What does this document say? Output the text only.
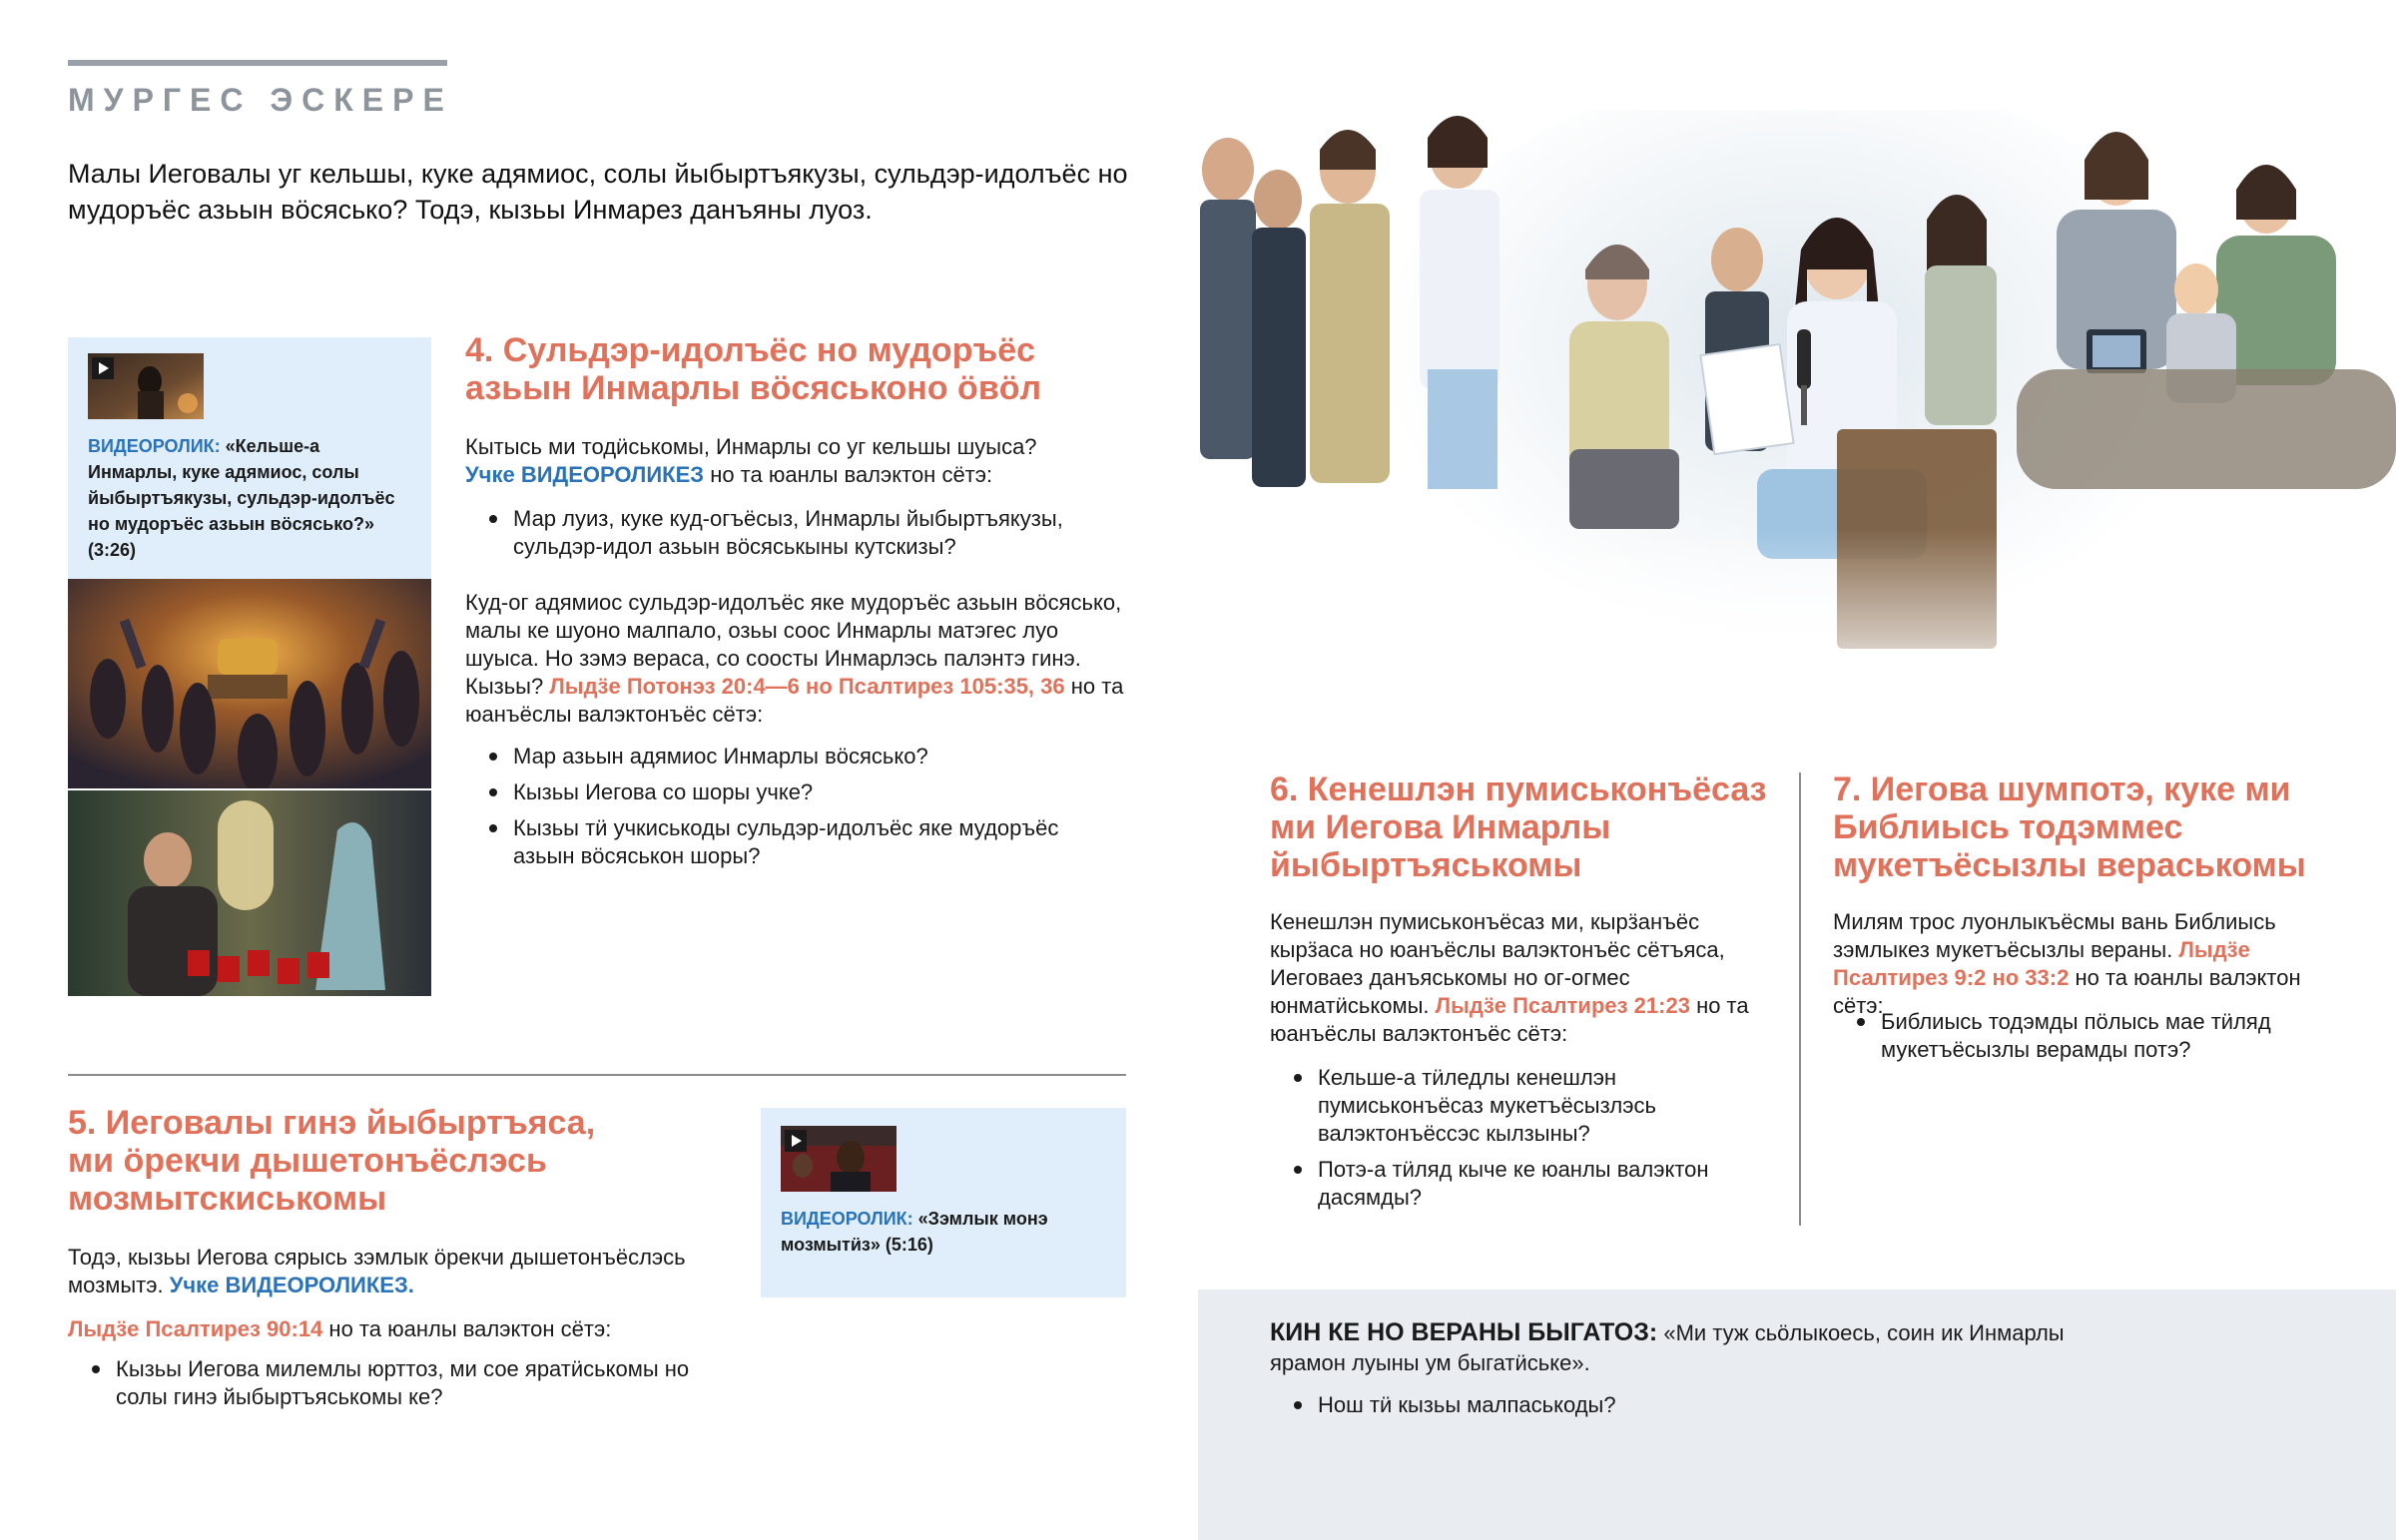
МУРГЕС ЭСКЕРЕ
Малы Иеговалы уг кельшы, куке адямиос, солы йыбыртъякузы, сульдэр-идолъёс но мудоръёс азьын вӧсясько? Тодэ, кызьы Инмарез данъяны луоз.
ВИДЕОРОЛИК: «Кельше-а Инмарлы, куке адямиос, солы йыбыртъякузы, сульдэр-идолъёс но мудоръёс азьын вӧсясько?» (3:26)
4. Сульдэр-идолъёс но мудоръёс азьын Инмарлы вӧсяськоно ӧвӧл
Кытысь ми тодӥськомы, Инмарлы со уг кельшы шуыса?
Учке ВИДЕОРОЛИКЕЗ но та юанлы валэктон сётэ:
Мар луиз, куке куд-огъёсыз, Инмарлы йыбыртъякузы, сульдэр-идол азьын вӧсяськыны кутскизы?
Куд-ог адямиос сульдэр-идолъёс яке мудоръёс азьын вӧсясько, малы ке шуоно малпало, озьы соос Инмарлы матэгес луо шуыса. Но зэмэ вераса, со соосты Инмарлэсь палэнтэ гинэ. Кызьы? Лыдӟе Потонэз 20:4—6 но Псалтирез 105:35, 36 но та юанъёслы валэктонъёс сётэ:
Мар азьын адямиос Инмарлы вӧсясько?
Кызьы Иегова со шоры учке?
Кызьы тӥ учкиськоды сульдэр-идолъёс яке мудоръёс азьын вӧсяськон шоры?
5. Иеговалы гинэ йыбыртъяса, ми ӧрекчи дышетонъёслэсь мозмытскиськомы
Тодэ, кызьы Иегова сярысь зэмлык ӧрекчи дышетонъёслэсь мозмытэ. Учке ВИДЕОРОЛИКЕЗ.
Лыдӟе Псалтирез 90:14 но та юанлы валэктон сётэ:
Кызьы Иегова милемлы юрттоз, ми сое яратӥськомы но солы гинэ йыбыртъяськомы ке?
ВИДЕОРОЛИК: «Зэмлык монэ мозмытӥз» (5:16)
6. Кенешлэн пумиськонъёсаз ми Иегова Инмарлы йыбыртъяськомы
Кенешлэн пумиськонъёсаз ми, кырӟанъёс кырӟаса но юанъёслы валэктонъёс сётъяса, Иеговаез данъяськомы но ог-огмес юнматӥськомы. Лыдӟе Псалтирез 21:23 но та юанъёслы валэктонъёс сётэ:
Кельше-а тӥледлы кенешлэн пумиськонъёсаз мукетъёсызлэсь валэктонъёссэс кылзыны?
Потэ-а тӥляд кыче ке юанлы валэктон дасямды?
7. Иегова шумпотэ, куке ми Библиысь тодэммес мукетъёсызлы вераськомы
Милям трос луонлыкъёсмы вань Библиысь зэмлыкез мукетъёсызлы вераны. Лыдӟе Псалтирез 9:2 но 33:2 но та юанлы валэктон сётэ:
Библиысь тодэмды пӧлысь мае тӥляд мукетъёсызлы верамды потэ?
КИН КЕ НО ВЕРАНЫ БЫГАТОЗ: «Ми туж сьӧлыкоесь, соин ик Инмарлы ярамон луыны ум быгатӥське».
Нош тӥ кызьы малпаськоды?
